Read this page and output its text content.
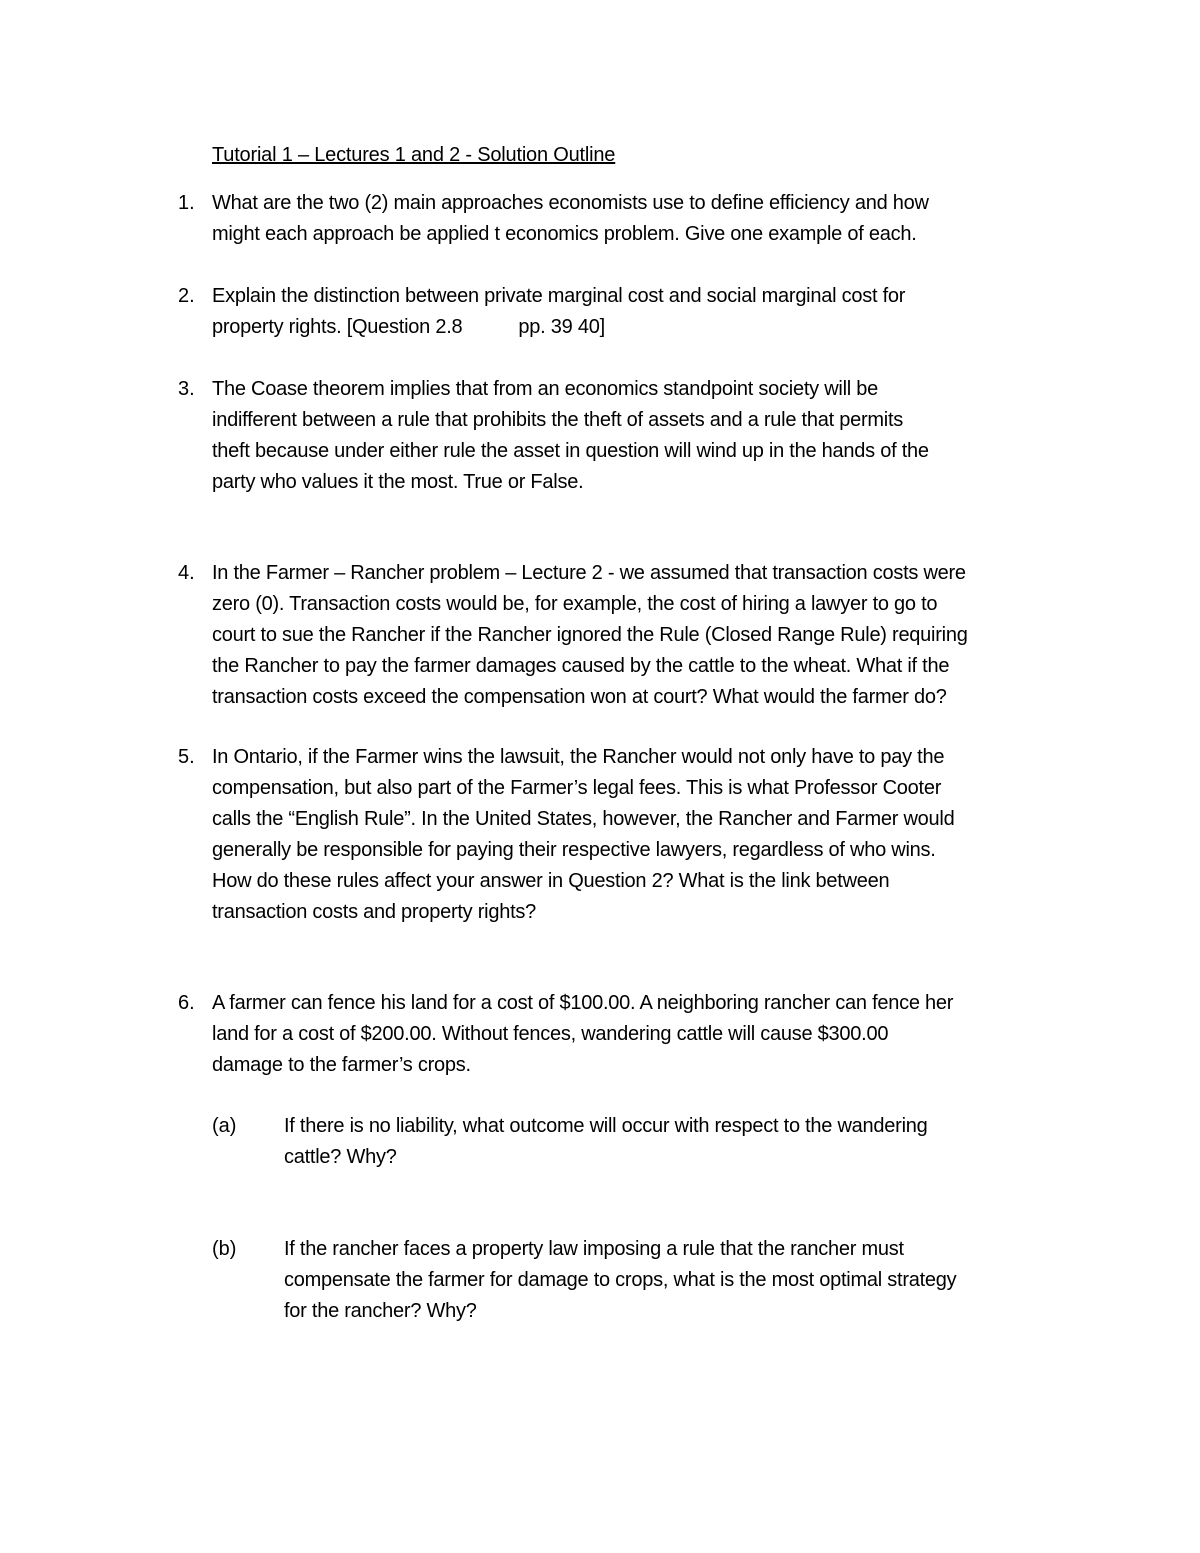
Tutorial 1 – Lectures 1 and 2 - Solution Outline
1. What are the two (2) main approaches economists use to define efficiency and how
might each approach be applied t economics problem. Give one example of each.
2. Explain the distinction between private marginal cost and social marginal cost for
property rights. [Question 2.8	pp. 39 40]
3. The Coase theorem implies that from an economics standpoint society will be
indifferent between a rule that prohibits the theft of assets and a rule that permits
theft because under either rule the asset in question will wind up in the hands of the
party who values it the most. True or False.
4. In the Farmer – Rancher problem – Lecture 2 - we assumed that transaction costs were
zero (0). Transaction costs would be, for example, the cost of hiring a lawyer to go to
court to sue the Rancher if the Rancher ignored the Rule (Closed Range Rule) requiring
the Rancher to pay the farmer damages caused by the cattle to the wheat. What if the
transaction costs exceed the compensation won at court? What would the farmer do?
5. In Ontario, if the Farmer wins the lawsuit, the Rancher would not only have to pay the
compensation, but also part of the Farmer’s legal fees. This is what Professor Cooter
calls the “English Rule”. In the United States, however, the Rancher and Farmer would
generally be responsible for paying their respective lawyers, regardless of who wins.
How do these rules affect your answer in Question 2? What is the link between
transaction costs and property rights?
6. A farmer can fence his land for a cost of $100.00. A neighboring rancher can fence her
land for a cost of $200.00. Without fences, wandering cattle will cause $300.00
damage to the farmer’s crops.
(a) If there is no liability, what outcome will occur with respect to the wandering
cattle? Why?
(b) If the rancher faces a property law imposing a rule that the rancher must
compensate the farmer for damage to crops, what is the most optimal strategy
for the rancher? Why?
